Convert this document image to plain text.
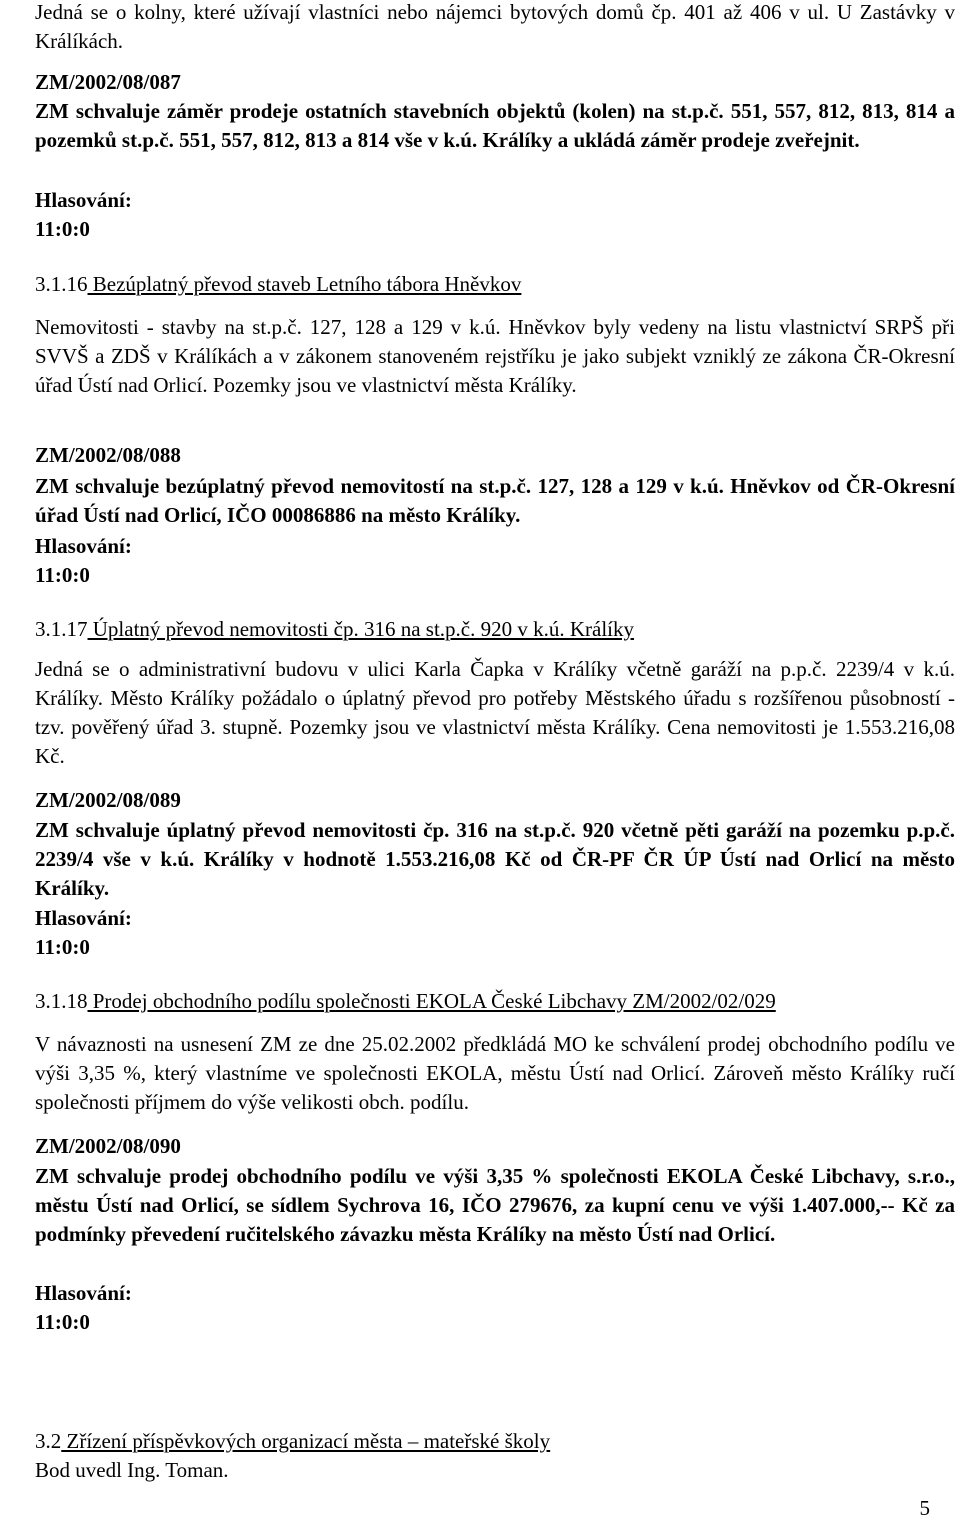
Jedná se o kolny, které užívají vlastníci nebo nájemci bytových domů čp. 401 až 406 v ul. U Zastávky v Králíkách.

ZM/2002/08/087

ZM schvaluje záměr prodeje ostatních stavebních objektů (kolen) na st.p.č. 551, 557, 812, 813, 814 a pozemků st.p.č. 551, 557, 812, 813 a 814 vše v k.ú. Králíky a ukládá záměr prodeje zveřejnit.

Hlasování:

11:0:0

3.1.16 Bezúplatný převod staveb Letního tábora Hněvkov

Nemovitosti - stavby na st.p.č. 127, 128 a 129 v k.ú. Hněvkov byly vedeny na listu vlastnictví SRPŠ při SVVŠ a ZDŠ v Králíkách a v zákonem stanoveném rejstříku je jako subjekt vzniklý ze zákona ČR-Okresní úřad Ústí nad Orlicí. Pozemky jsou ve vlastnictví města Králíky.

ZM/2002/08/088

ZM schvaluje bezúplatný převod nemovitostí na st.p.č. 127, 128 a 129 v k.ú. Hněvkov od ČR-Okresní úřad Ústí nad Orlicí, IČO 00086886 na město Králíky.

Hlasování:

11:0:0

3.1.17 Úplatný převod nemovitosti čp. 316 na st.p.č. 920 v k.ú. Králíky

Jedná se o administrativní budovu v ulici Karla Čapka v Králíky včetně garáží na p.p.č. 2239/4 v k.ú. Králíky. Město Králíky požádalo o úplatný převod pro potřeby Městského úřadu s rozšířenou působností - tzv. pověřený úřad 3. stupně. Pozemky jsou ve vlastnictví města Králíky. Cena nemovitosti je 1.553.216,08 Kč.

ZM/2002/08/089

ZM schvaluje úplatný převod nemovitosti čp. 316 na st.p.č. 920 včetně pěti garáží na pozemku p.p.č. 2239/4 vše v k.ú. Králíky v hodnotě 1.553.216,08 Kč od ČR-PF ČR ÚP Ústí nad Orlicí na město Králíky.

Hlasování:

11:0:0

3.1.18 Prodej obchodního podílu společnosti EKOLA České Libchavy ZM/2002/02/029

V návaznosti na usnesení ZM ze dne 25.02.2002 předkládá MO ke schválení prodej obchodního podílu ve výši 3,35 %, který vlastníme ve společnosti EKOLA, městu Ústí nad Orlicí. Zároveň město Králíky ručí společnosti příjmem do výše velikosti obch. podílu.

ZM/2002/08/090

ZM schvaluje prodej obchodního podílu ve výši 3,35 % společnosti EKOLA České Libchavy, s.r.o., městu Ústí nad Orlicí, se sídlem Sychrova 16, IČO 279676, za kupní cenu ve výši 1.407.000,-- Kč za podmínky převedení ručitelského závazku města Králíky na město Ústí nad Orlicí.

Hlasování:

11:0:0

3.2 Zřízení příspěvkových organizací města – mateřské školy

Bod uvedl Ing. Toman.

5
